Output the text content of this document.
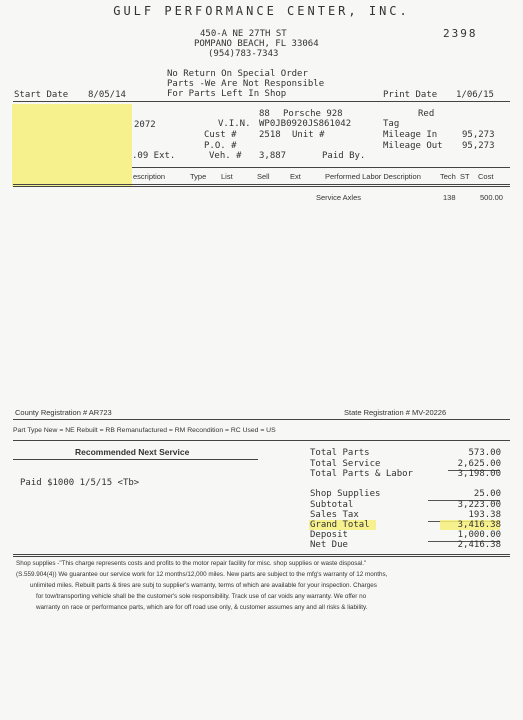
GULF PERFORMANCE CENTER, INC.
450-A NE 27TH ST
POMPANO BEACH, FL 33064
(954)783-7343
2398
No Return On Special Order
Parts -We Are Not Responsible
For Parts Left In Shop
Start Date 8/05/14	Print Date 1/06/15
2072
.09 Ext.
88 Porsche 928	Red
V.I.N. WP0JB0920JS861042	Tag
Cust # 2518 Unit #	Mileage In	95,273
P.O. #	Mileage Out 95,273
Veh. # 3,887	Paid By.
escription	Type List	Sell	Ext	Performed Labor Description	Tech ST Cost
Service Axles	138	500.00
County Registration # AR723	State Registration # MV-20226
Part Type New = NE Rebuilt = RB Remanufactured = RM Recondition = RC Used = US
Recommended Next Service
Paid $1000 1/5/15 <Tb>
Total Parts	573.00
Total Service	2,625.00
Total Parts & Labor	3,198.00
Shop Supplies	25.00
Subtotal	3,223.00
Sales Tax	193.38
Grand Total	3,416.38
Deposit	1,000.00
Net Due	2,416.38
Shop supplies -"This charge represents costs and profits to the motor repair facility for misc. shop supplies or waste disposal."
(S.559.904(4)) We guarantee our service work for 12 months/12,000 miles. New parts are subject to the mfg's warranty of 12 months,
unlimited miles. Rebuilt parts & tires are subj to supplier's warranty, terms of which are available for your inspection. Charges
for tow/transporting vehicle shall be the customer's sole responsibility. Track use of car voids any warranty. We offer no
warranty on race or performance parts, which are for off road use only, & customer assumes any and all risks & liability.
